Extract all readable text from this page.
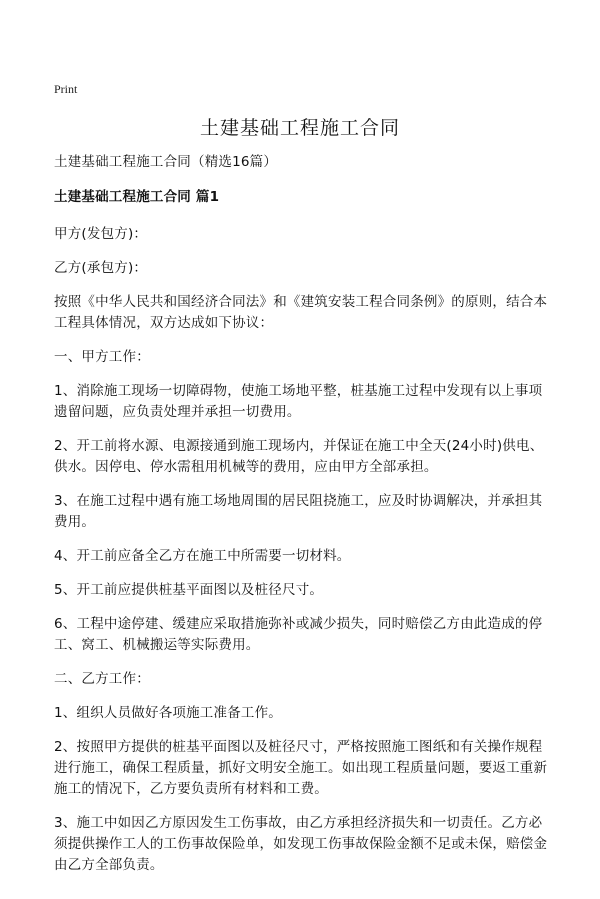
Print
土建基础工程施工合同

土建基础工程施工合同（精选16篇）

土建基础工程施工合同 篇1

甲方(发包方)：

乙方(承包方)：

按照《中华人民共和国经济合同法》和《建筑安装工程合同条例》的原则，结合本工程具体情况，双方达成如下协议：

一、甲方工作：

1、消除施工现场一切障碍物，使施工场地平整，桩基施工过程中发现有以上事项遗留问题，应负责处理并承担一切费用。

2、开工前将水源、电源接通到施工现场内，并保证在施工中全天(24小时)供电、供水。因停电、停水需租用机械等的费用，应由甲方全部承担。

3、在施工过程中遇有施工场地周围的居民阻挠施工，应及时协调解决，并承担其费用。

4、开工前应备全乙方在施工中所需要一切材料。

5、开工前应提供桩基平面图以及桩径尺寸。

6、工程中途停建、缓建应采取措施弥补或减少损失，同时赔偿乙方由此造成的停工、窝工、机械搬运等实际费用。

二、乙方工作：

1、组织人员做好各项施工准备工作。

2、按照甲方提供的桩基平面图以及桩径尺寸，严格按照施工图纸和有关操作规程进行施工，确保工程质量，抓好文明安全施工。如出现工程质量问题，要返工重新施工的情况下，乙方要负责所有材料和工费。

3、施工中如因乙方原因发生工伤事故，由乙方承担经济损失和一切责任。乙方必须提供操作工人的工伤事故保险单，如发现工伤事故保险金额不足或未保，赔偿金由乙方全部负责。
